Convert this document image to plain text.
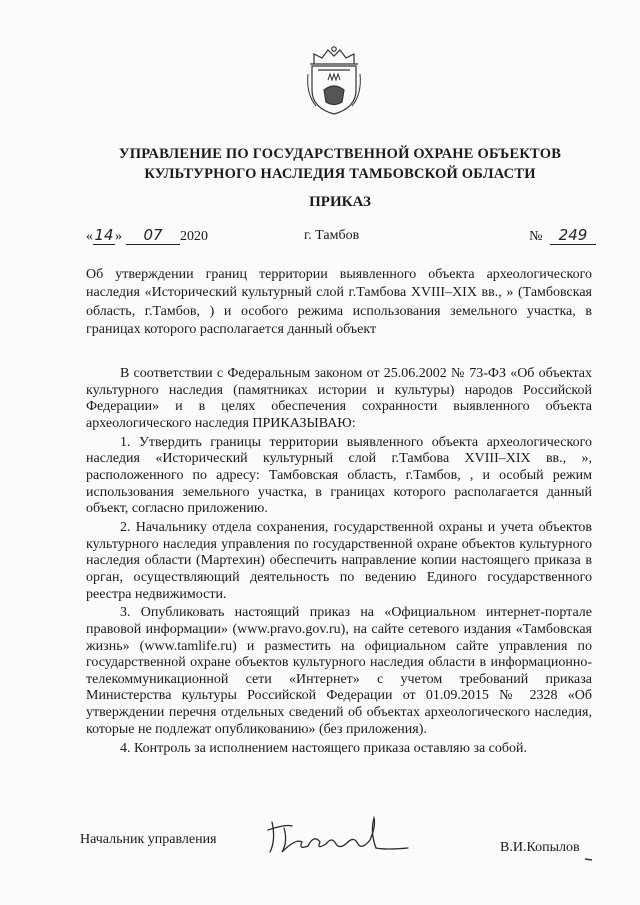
УПРАВЛЕНИЕ ПО ГОСУДАРСТВЕННОЙ ОХРАНЕ ОБЪЕКТОВ
КУЛЬТУРНОГО НАСЛЕДИЯ ТАМБОВСКОЙ ОБЛАСТИ
ПРИКАЗ
«14» 07 2020	г. Тамбов	№ 249
Об утверждении границ территории выявленного объекта археологического наследия «Исторический культурный слой г.Тамбова XVIII–XIX вв., » (Тамбовская область, г.Тамбов, ) и особого режима использования земельного участка, в границах которого располагается данный объект

В соответствии с Федеральным законом от 25.06.2002 № 73-ФЗ «Об объектах культурного наследия (памятниках истории и культуры) народов Российской Федерации» и в целях обеспечения сохранности выявленного объекта археологического наследия ПРИКАЗЫВАЮ:

1. Утвердить границы территории выявленного объекта археологического наследия «Исторический культурный слой г.Тамбова XVIII–XIX вв., », расположенного по адресу: Тамбовская область, г.Тамбов, , и особый режим использования земельного участка, в границах которого располагается данный объект, согласно приложению.

2. Начальнику отдела сохранения, государственной охраны и учета объектов культурного наследия управления по государственной охране объектов культурного наследия области (Мартехин) обеспечить направление копии настоящего приказа в орган, осуществляющий деятельность по ведению Единого государственного реестра недвижимости.

3. Опубликовать настоящий приказ на «Официальном интернет-портале правовой информации» (www.pravo.gov.ru), на сайте сетевого издания «Тамбовская жизнь» (www.tamlife.ru) и разместить на официальном сайте управления по государственной охране объектов культурного наследия области в информационно-телекоммуникационной сети «Интернет» с учетом требований приказа Министерства культуры Российской Федерации от 01.09.2015 № 2328 «Об утверждении перечня отдельных сведений об объектах археологического наследия, которые не подлежат опубликованию» (без приложения).

4. Контроль за исполнением настоящего приказа оставляю за собой.

Начальник управления
В.И.Копылов
